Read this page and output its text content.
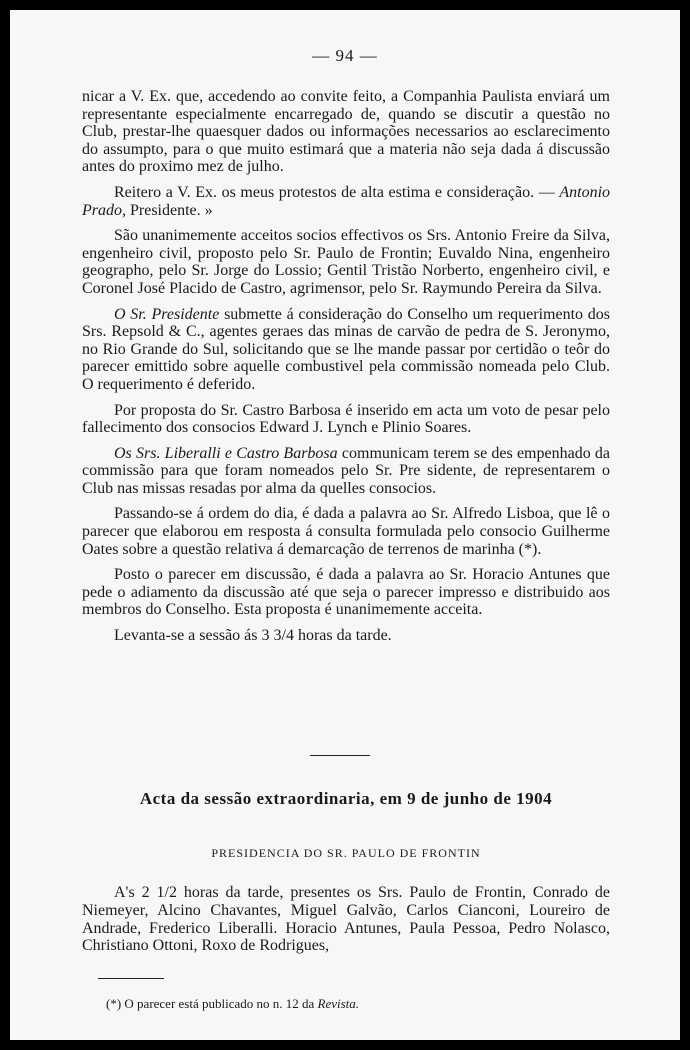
— 94 —

nicar a V. Ex. que, accedendo ao convite feito, a Companhia Paulista enviará um representante especialmente encarregado de, quando se discutir a questão no Club, prestar-lhe quaesquer dados ou informações necessarios ao esclarecimento do assumpto, para o que muito estimará que a materia não seja dada á discussão antes do proximo mez de julho.

Reitero a V. Ex. os meus protestos de alta estima e consideração. — Antonio Prado, Presidente. »

São unanimemente acceitos socios effectivos os Srs. Antonio Freire da Silva, engenheiro civil, proposto pelo Sr. Paulo de Frontin; Euvaldo Nina, engenheiro geographo, pelo Sr. Jorge do Lossio; Gentil Tristão Norberto, engenheiro civil, e Coronel José Placido de Castro, agrimensor, pelo Sr. Raymundo Pereira da Silva.

O Sr. Presidente submette á consideração do Conselho um requerimento dos Srs. Repsold & C., agentes geraes das minas de carvão de pedra de S. Jeronymo, no Rio Grande do Sul, solicitando que se lhe mande passar por certidão o teôr do parecer emittido sobre aquelle combustivel pela commissão nomeada pelo Club. O requerimento é deferido.

Por proposta do Sr. Castro Barbosa é inserido em acta um voto de pesar pelo fallecimento dos consocios Edward J. Lynch e Plinio Soares.

Os Srs. Liberalli e Castro Barbosa communicam terem se des empenhado da commissão para que foram nomeados pelo Sr. Pre sidente, de representarem o Club nas missas resadas por alma da quelles consocios.

Passando-se á ordem do dia, é dada a palavra ao Sr. Alfredo Lisboa, que lê o parecer que elaborou em resposta á consulta formulada pelo consocio Guilherme Oates sobre a questão relativa á demarcação de terrenos de marinha (*).

Posto o parecer em discussão, é dada a palavra ao Sr. Horacio Antunes que pede o adiamento da discussão até que seja o parecer impresso e distribuido aos membros do Conselho. Esta proposta é unanimemente acceita.

Levanta-se a sessão ás 3 3/4 horas da tarde.

Acta da sessão extraordinaria, em 9 de junho de 1904
PRESIDENCIA DO SR. PAULO DE FRONTIN

A's 2 1/2 horas da tarde, presentes os Srs. Paulo de Frontin, Conrado de Niemeyer, Alcino Chavantes, Miguel Galvão, Carlos Cianconi, Loureiro de Andrade, Frederico Liberalli. Horacio Antunes, Paula Pessoa, Pedro Nolasco, Christiano Ottoni, Roxo de Rodrigues,

(*) O parecer está publicado no n. 12 da Revista.
